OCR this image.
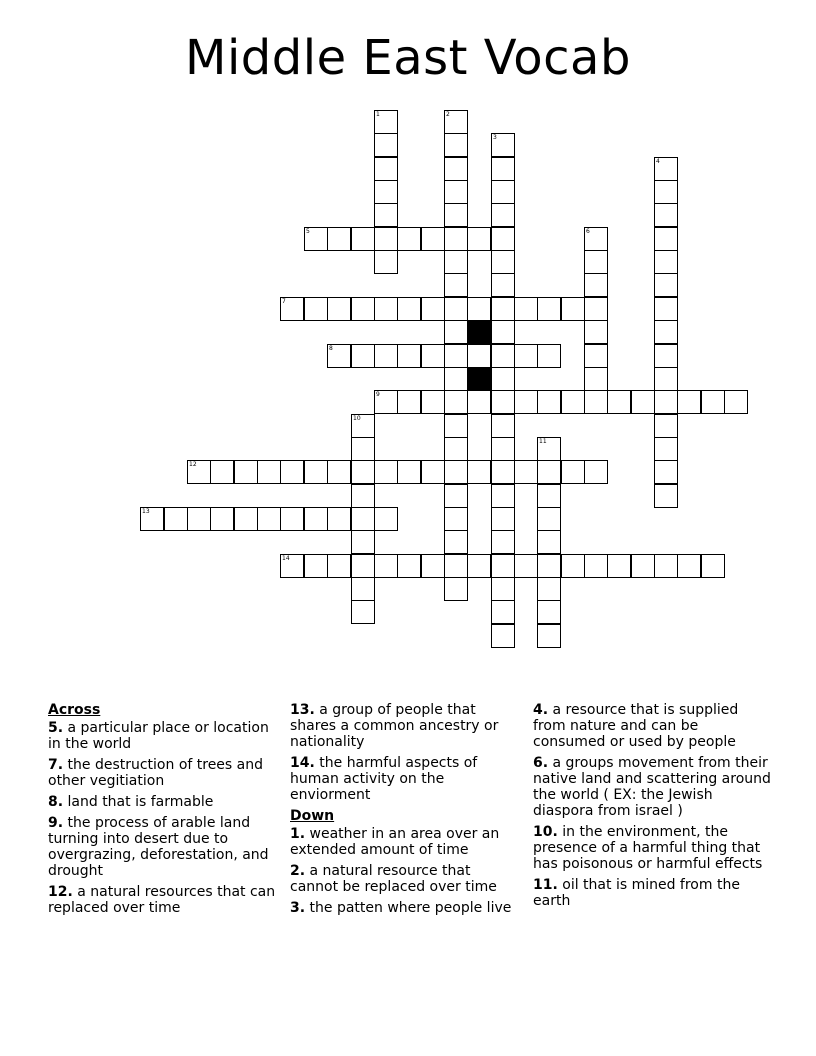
Middle East Vocab
1	2
3
4
5	6
7
8
9
10
11
12
13
14
Across
5. a particular place or location in the world
7. the destruction of trees and other vegitiation
8. land that is farmable
9. the process of arable land turning into desert due to overgrazing, deforestation, and drought
12. a natural resources that can replaced over time
13. a group of people that shares a common ancestry or nationality
14. the harmful aspects of human activity on the enviorment
Down
1. weather in an area over an extended amount of time
2. a natural resource that cannot be replaced over time
3. the patten where people live
4. a resource that is supplied from nature and can be consumed or used by people
6. a groups movement from their native land and scattering around the world ( EX: the Jewish diaspora from israel )
10. in the environment, the presence of a harmful thing that has poisonous or harmful effects
11. oil that is mined from the earth
